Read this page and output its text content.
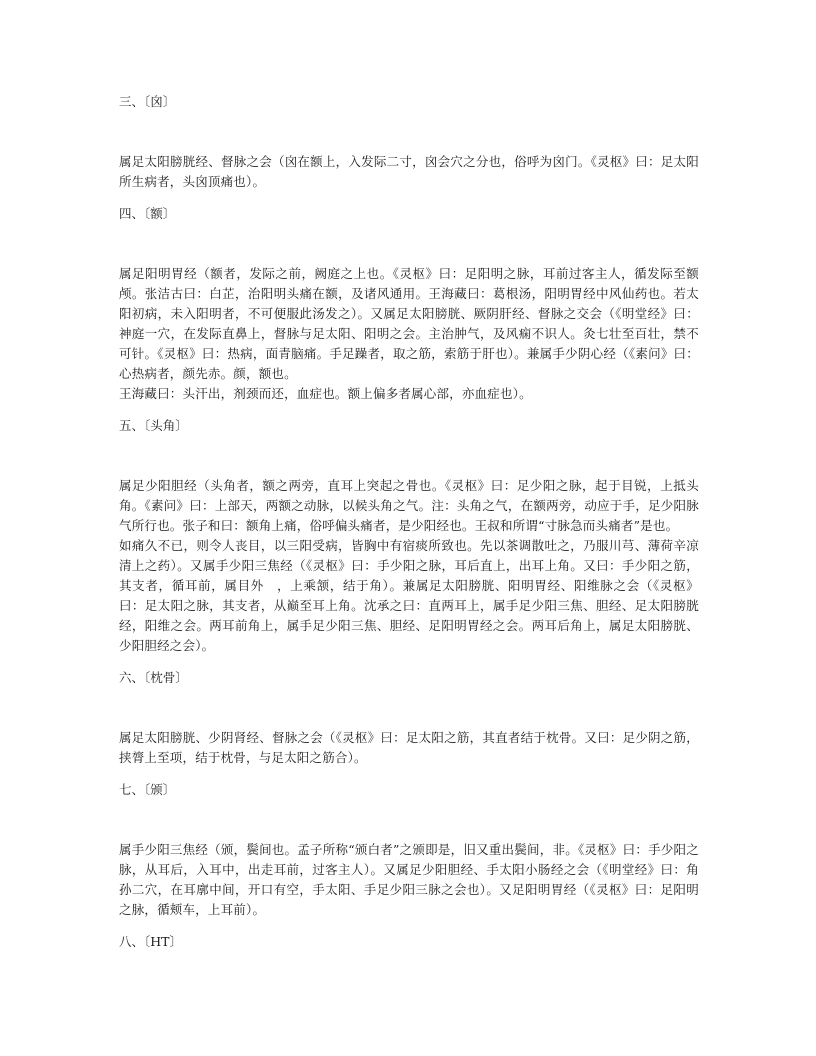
三、〔囟〕

属足太阳膀胱经、督脉之会（囟在额上，入发际二寸，囟会穴之分也，俗呼为囟门。《灵枢》曰：足太阳所生病者，头囟顶痛也）。

四、〔额〕

属足阳明胃经（额者，发际之前，阙庭之上也。《灵枢》曰：足阳明之脉，耳前过客主人，循发际至额颅。张洁古曰：白芷，治阳明头痛在额，及诸风通用。王海藏曰：葛根汤，阳明胃经中风仙药也。若太阳初病，未入阳明者，不可便服此汤发之）。又属足太阳膀胱、厥阴肝经、督脉之交会（《明堂经》曰：神庭一穴，在发际直鼻上，督脉与足太阳、阳明之会。主治肿气，及风痫不识人。灸七壮至百壮，禁不可针。《灵枢》曰：热病，面青脑痛。手足躁者，取之筋，索筋于肝也）。兼属手少阴心经（《素问》曰：心热病者，颜先赤。颜，额也。

王海藏曰：头汗出，剂颈而还，血症也。额上偏多者属心部，亦血症也）。

五、〔头角〕

属足少阳胆经（头角者，额之两旁，直耳上突起之骨也。《灵枢》曰：足少阳之脉，起于目锐，上抵头角。《素问》曰：上部天，两额之动脉，以候头角之气。注：头角之气，在额两旁，动应于手，足少阳脉气所行也。张子和曰：额角上痛，俗呼偏头痛者，是少阳经也。王叔和所谓“寸脉急而头痛者”是也。

如痛久不已，则令人丧目，以三阳受病，皆胸中有宿痰所致也。先以茶调散吐之，乃服川芎、薄荷辛凉清上之药）。又属手少阳三焦经（《灵枢》曰：手少阳之脉，耳后直上，出耳上角。又曰：手少阳之筋，其支者，循耳前，属目外　，上乘颔，结于角）。兼属足太阳膀胱、阳明胃经、阳维脉之会（《灵枢》曰：足太阳之脉，其支者，从巅至耳上角。沈承之曰：直两耳上，属手足少阳三焦、胆经、足太阳膀胱经，阳维之会。两耳前角上，属手足少阳三焦、胆经、足阳明胃经之会。两耳后角上，属足太阳膀胱、少阳胆经之会）。

六、〔枕骨〕

属足太阳膀胱、少阴肾经、督脉之会（《灵枢》曰：足太阳之筋，其直者结于枕骨。又曰：足少阴之筋，挟膂上至项，结于枕骨，与足太阳之筋合）。

七、〔颁〕

属手少阳三焦经（颁，鬓间也。孟子所称“颁白者”之颁即是，旧又重出鬓间，非。《灵枢》曰：手少阳之脉，从耳后，入耳中，出走耳前，过客主人）。又属足少阳胆经、手太阳小肠经之会（《明堂经》曰：角孙二穴，在耳廓中间，开口有空，手太阳、手足少阳三脉之会也）。又足阳明胃经（《灵枢》曰：足阳明之脉，循颊车，上耳前）。

八、〔HT〕
